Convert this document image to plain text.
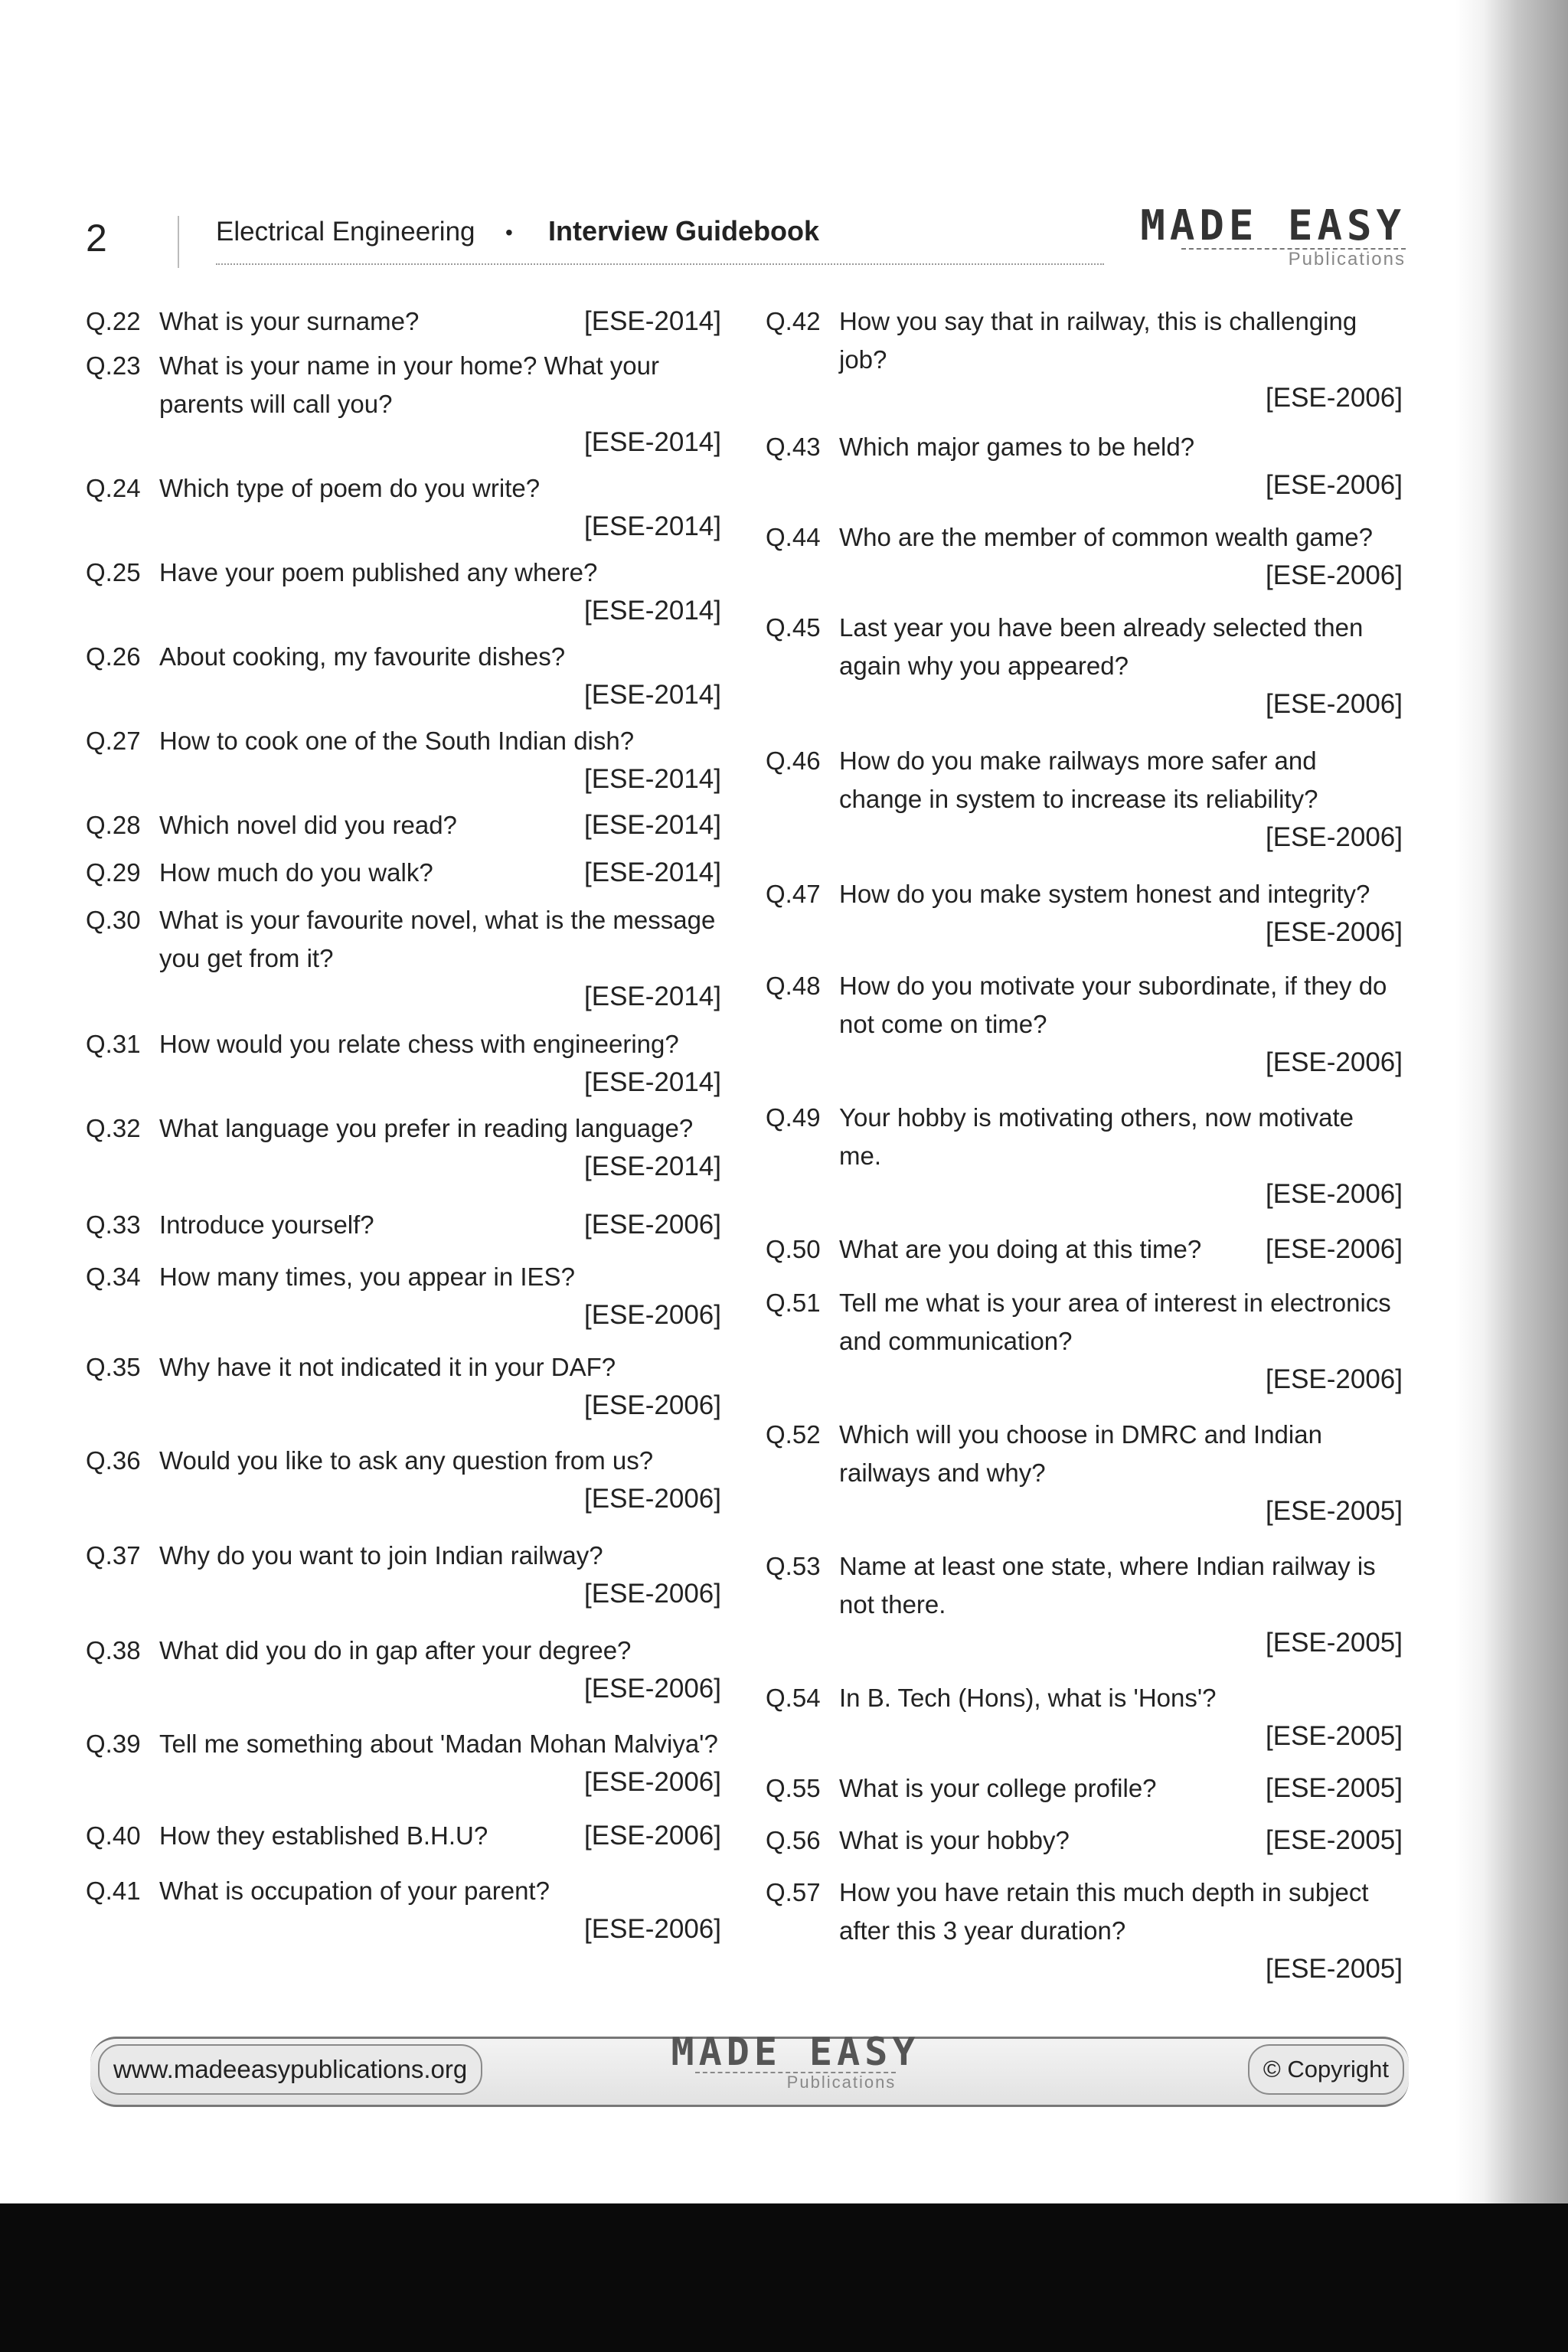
2	Electrical Engineering • Interview Guidebook	MADE EASY
Publications
Q.22 What is your surname?	[ESE-2014]
Q.23 What is your name in your home? What your parents will call you?
[ESE-2014]
Q.24 Which type of poem do you write?
[ESE-2014]
Q.25 Have your poem published any where?
[ESE-2014]
Q.26 About cooking, my favourite dishes?
[ESE-2014]
Q.27 How to cook one of the South Indian dish?
[ESE-2014]
Q.28 Which novel did you read?	[ESE-2014]
Q.29 How much do you walk?	[ESE-2014]
Q.30 What is your favourite novel, what is the message you get from it?
[ESE-2014]
Q.31 How would you relate chess with engineering?
[ESE-2014]
Q.32 What language you prefer in reading language?
[ESE-2014]
Q.33 Introduce yourself?	[ESE-2006]
Q.34 How many times, you appear in IES?
[ESE-2006]
Q.35 Why have it not indicated it in your DAF?
[ESE-2006]
Q.36 Would you like to ask any question from us?
[ESE-2006]
Q.37 Why do you want to join Indian railway?
[ESE-2006]
Q.38 What did you do in gap after your degree?
[ESE-2006]
Q.39 Tell me something about 'Madan Mohan Malviya'?
[ESE-2006]
Q.40 How they established B.H.U?	[ESE-2006]
Q.41 What is occupation of your parent?
[ESE-2006]
Q.42 How you say that in railway, this is challenging job?
[ESE-2006]
Q.43 Which major games to be held?
[ESE-2006]
Q.44 Who are the member of common wealth game?
[ESE-2006]
Q.45 Last year you have been already selected then again why you appeared?
[ESE-2006]
Q.46 How do you make railways more safer and change in system to increase its reliability?
[ESE-2006]
Q.47 How do you make system honest and integrity?
[ESE-2006]
Q.48 How do you motivate your subordinate, if they do not come on time?
[ESE-2006]
Q.49 Your hobby is motivating others, now motivate me.
[ESE-2006]
Q.50 What are you doing at this time?	[ESE-2006]
Q.51 Tell me what is your area of interest in electronics and communication?
[ESE-2006]
Q.52 Which will you choose in DMRC and Indian railways and why?
[ESE-2005]
Q.53 Name at least one state, where Indian railway is not there.
[ESE-2005]
Q.54 In B. Tech (Hons), what is 'Hons'?
[ESE-2005]
Q.55 What is your college profile?	[ESE-2005]
Q.56 What is your hobby?	[ESE-2005]
Q.57 How you have retain this much depth in subject after this 3 year duration?
[ESE-2005]
www.madeeasypublications.org	MADE EASY
Publications	© Copyright
